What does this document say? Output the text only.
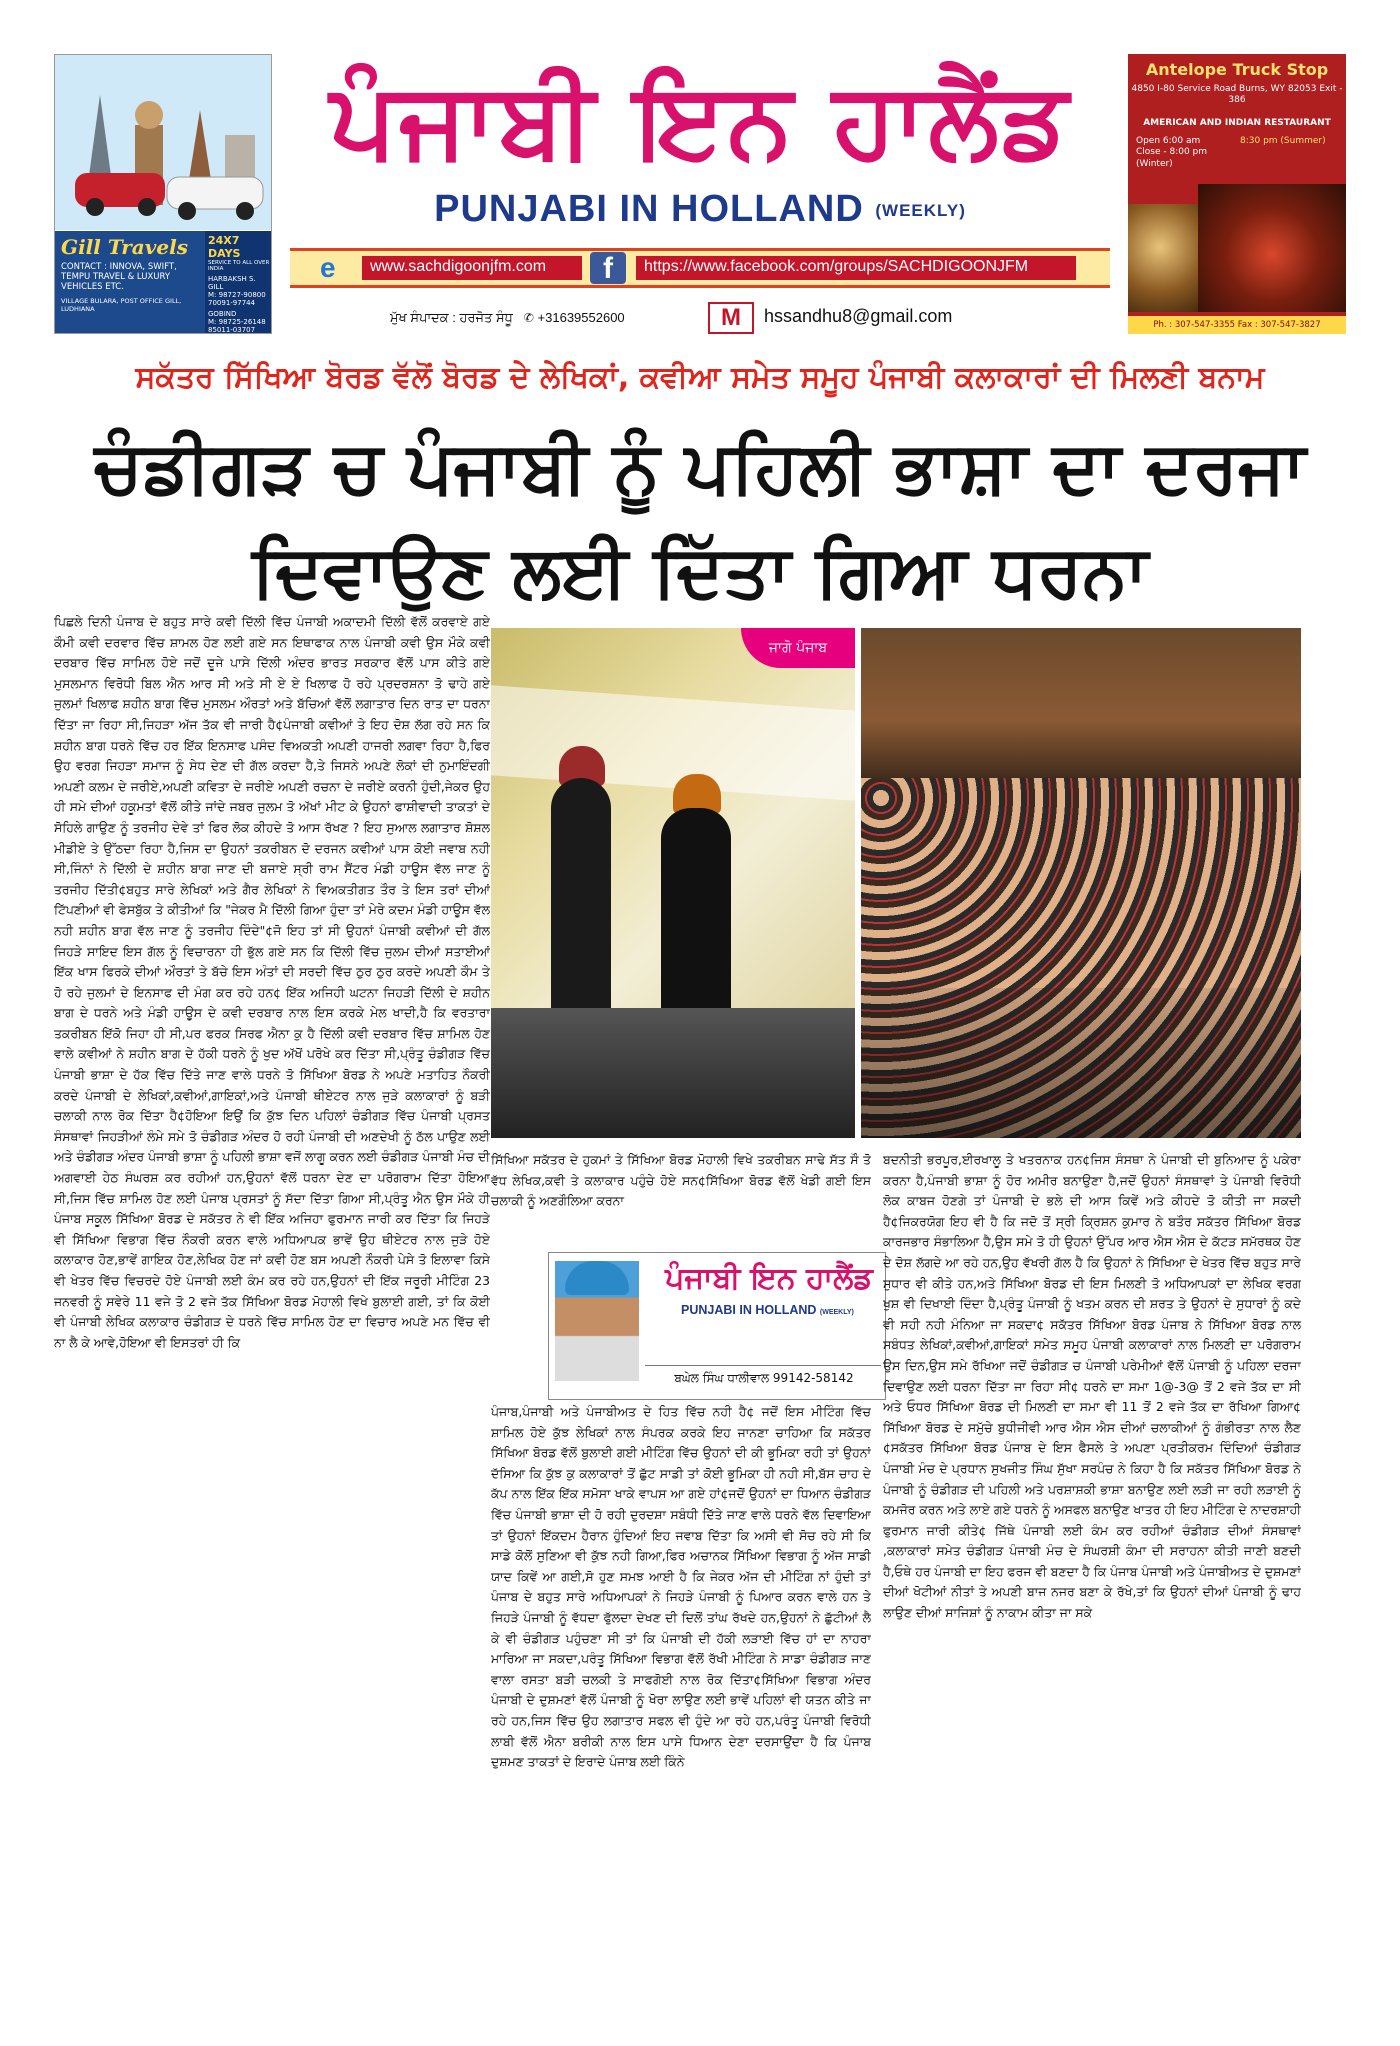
Gill Travels
CONTACT : INNOVA, SWIFT, TEMPU TRAVEL & LUXURY VEHICLES ETC.
VILLAGE BULARA, POST OFFICE GILL, LUDHIANA
24X7 DAYS
SERVICE TO ALL OVER INDIA
HARBAKSH S. GILL
M: 98727-90800
70091-97744
GOBIND
M: 98725-26148
85011-03707
ਪੰਜਾਬੀ ਇਨ ਹਾਲੈਂਡ
PUNJABI IN HOLLAND (WEEKLY)
e	www.sachdigoonjfm.com	f	https://www.facebook.com/groups/SACHDIGOONJFM
ਮੁੱਖ ਸੰਪਾਦਕ : ਹਰਜੋਤ ਸੰਧੂ ✆ +31639552600	M	hssandhu8@gmail.com
Antelope Truck Stop
4850 I-80 Service Road Burns, WY 82053 Exit - 386
AMERICAN AND INDIAN RESTAURANT
Open 6:00 am
Close - 8:00 pm
(Winter)
8:30 pm (Summer)
Ph. : 307-547-3355 Fax : 307-547-3827
ਸਕੱਤਰ ਸਿੱਖਿਆ ਬੋਰਡ ਵੱਲੋਂ ਬੋਰਡ ਦੇ ਲੇਖਿਕਾਂ, ਕਵੀਆ ਸਮੇਤ ਸਮੂਹ ਪੰਜਾਬੀ ਕਲਾਕਾਰਾਂ ਦੀ ਮਿਲਣੀ ਬਨਾਮ
ਚੰਡੀਗੜ ਚ ਪੰਜਾਬੀ ਨੂੰ ਪਹਿਲੀ ਭਾਸ਼ਾ ਦਾ ਦਰਜਾ
ਦਿਵਾਉਣ ਲਈ ਦਿੱਤਾ ਗਿਆ ਧਰਨਾ
ਪਿਛਲੇ ਦਿਨੀ ਪੰਜਾਬ ਦੇ ਬਹੁਤ ਸਾਰੇ ਕਵੀ ਦਿੱਲੀ ਵਿੱਚ ਪੰਜਾਬੀ ਅਕਾਦਮੀ ਦਿੱਲੀ ਵੱਲੋਂ ਕਰਵਾਏ ਗਏ ਕੌਮੀ ਕਵੀ ਦਰਵਾਰ ਵਿੱਚ ਸ਼ਾਮਲ ਹੋਣ ਲਈ ਗਏ ਸਨ ਇਥਾਫਾਕ ਨਾਲ ਪੰਜਾਬੀ ਕਵੀ ਉਸ ਮੌਕੇ ਕਵੀ ਦਰਬਾਰ ਵਿੱਚ ਸਾਮਿਲ ਹੋਏ ਜਦੋਂ ਦੂਜੇ ਪਾਸੇ ਦਿੱਲੀ ਅੰਦਰ ਭਾਰਤ ਸਰਕਾਰ ਵੱਲੋਂ ਪਾਸ ਕੀਤੇ ਗਏ ਮੁਸਲਮਾਨ ਵਿਰੋਧੀ ਬਿਲ ਐਨ ਆਰ ਸੀ ਅਤੇ ਸੀ ਏ ਏ ਖਿਲਾਫ ਹੋ ਰਹੇ ਪ੍ਰਦਰਸ਼ਨਾ ਤੋ ਢਾਹੇ ਗਏ ਜੁਲਮਾਂ ਖਿਲਾਫ ਸ਼ਹੀਨ ਬਾਗ ਵਿੱਚ ਮੁਸਲਮ ਔਰਤਾਂ ਅਤੇ ਬੱਚਿਆਂ ਵੱਲੋਂ ਲਗਾਤਾਰ ਦਿਨ ਰਾਤ ਦਾ ਧਰਨਾ ਦਿੱਤਾ ਜਾ ਰਿਹਾ ਸੀ,ਜਿਹੜਾ ਅੱਜ ਤੱਕ ਵੀ ਜਾਰੀ ਹੈ¢ਪੰਜਾਬੀ ਕਵੀਆਂ ਤੇ ਇਹ ਦੋਸ਼ ਲੱਗ ਰਹੇ ਸਨ ਕਿ ਸ਼ਹੀਨ ਬਾਗ ਧਰਨੇ ਵਿੱਚ ਹਰ ਇੱਕ ਇਨਸਾਫ ਪਸੰਦ ਵਿਅਕਤੀ ਅਪਣੀ ਹਾਜਰੀ ਲਗਵਾ ਰਿਹਾ ਹੈ,ਫਿਰ ਉਹ ਵਰਗ ਜਿਹੜਾ ਸਮਾਜ ਨੂੰ ਸੇਧ ਦੇਣ ਦੀ ਗੱਲ ਕਰਦਾ ਹੈ,ਤੇ ਜਿਸਨੇ ਅਪਣੇ ਲੋਕਾਂ ਦੀ ਨੁਮਾਇੰਦਗੀ ਅਪਣੀ ਕਲਮ ਦੇ ਜਰੀਏ,ਅਪਣੀ ਕਵਿਤਾ ਦੇ ਜਰੀਏ ਅਪਣੀ ਰਚਨਾ ਦੇ ਜਰੀਏ ਕਰਨੀ ਹੁੰਦੀ,ਜੇਕਰ ਉਹ ਹੀ ਸਮੇ ਦੀਆਂ ਹਕੂਮਤਾਂ ਵੱਲੋਂ ਕੀਤੇ ਜਾਂਦੇ ਜਬਰ ਜੁਲਮ ਤੋ ਅੱਖਾਂ ਮੀਟ ਕੇ ਉਹਨਾਂ ਫਾਸ਼ੀਵਾਦੀ ਤਾਕਤਾਂ ਦੇ ਸੋਹਿਲੇ ਗਾਉਣ ਨੂੰ ਤਰਜੀਹ ਦੇਵੇ ਤਾਂ ਫਿਰ ਲੋਕ ਕੀਹਦੇ ਤੋ ਆਸ ਰੱਖਣ ? ਇਹ ਸੁਆਲ ਲਗਾਤਾਰ ਸ਼ੋਸ਼ਲ ਮੀਡੀਏ ਤੇ ਉੱਠਦਾ ਰਿਹਾ ਹੈ,ਜਿਸ ਦਾ ਉਹਨਾਂ ਤਕਰੀਬਨ ਦੋ ਦਰਜਨ ਕਵੀਆਂ ਪਾਸ ਕੋਈ ਜਵਾਬ ਨਹੀ ਸੀ,ਜਿੰਨਾਂ ਨੇ ਦਿੱਲੀ ਦੇ ਸ਼ਹੀਨ ਬਾਗ ਜਾਣ ਦੀ ਬਜਾਏ ਸ੍ਰੀ ਰਾਮ ਸੈਂਟਰ ਮੰਡੀ ਹਾਊਸ ਵੱਲ ਜਾਣ ਨੂੰ ਤਰਜੀਹ ਦਿੱਤੀ¢ਬਹੁਤ ਸਾਰੇ ਲੇਖਿਕਾਂ ਅਤੇ ਗੈਰ ਲੇਖਿਕਾਂ ਨੇ ਵਿਅਕਤੀਗਤ ਤੌਰ ਤੇ ਇਸ ਤਰਾਂ ਦੀਆਂ ਟਿੱਪਣੀਆਂ ਵੀ ਫੇਸਬੁੱਕ ਤੇ ਕੀਤੀਆਂ ਕਿ "ਜੇਕਰ ਮੈ ਦਿੱਲੀ ਗਿਆ ਹੁੰਦਾ ਤਾਂ ਮੇਰੇ ਕਦਮ ਮੰਡੀ ਹਾਊਸ ਵੱਲ ਨਹੀ ਸ਼ਹੀਨ ਬਾਗ ਵੱਲ ਜਾਣ ਨੂੰ ਤਰਜੀਹ ਦਿੰਦੇ"¢ਜੋ ਇਹ ਤਾਂ ਸੀ ਉਹਨਾਂ ਪੰਜਾਬੀ ਕਵੀਆਂ ਦੀ ਗੱਲ ਜਿਹੜੇ ਸਾਇਦ ਇਸ ਗੱਲ ਨੂੰ ਵਿਚਾਰਨਾ ਹੀ ਭੁੱਲ ਗਏ ਸਨ ਕਿ ਦਿੱਲੀ ਵਿੱਚ ਜੁਲਮ ਦੀਆਂ ਸਤਾਈਆਂ ਇੱਕ ਖਾਸ ਫਿਰਕੇ ਦੀਆਂ ਔਰਤਾਂ ਤੇ ਬੱਚੇ ਇਸ ਅੰਤਾਂ ਦੀ ਸਰਦੀ ਵਿੱਚ ਠੁਰ ਠੁਰ ਕਰਦੇ ਅਪਣੀ ਕੌਮ ਤੇ ਹੋ ਰਹੇ ਜੁਲਮਾਂ ਦੇ ਇਨਸਾਫ ਦੀ ਮੰਗ ਕਰ ਰਹੇ ਹਨ¢ ਇੱਕ ਅਜਿਹੀ ਘਟਨਾ ਜਿਹੜੀ ਦਿੱਲੀ ਦੇ ਸ਼ਹੀਨ ਬਾਗ ਦੇ ਧਰਨੇ ਅਤੇ ਮੰਡੀ ਹਾਊਸ ਦੇ ਕਵੀ ਦਰਬਾਰ ਨਾਲ ਇਸ ਕਰਕੇ ਮੇਲ ਖਾਦੀ,ਹੈ ਕਿ ਵਰਤਾਰਾ ਤਕਰੀਬਨ ਇੱਕੋ ਜਿਹਾ ਹੀ ਸੀ,ਪਰ ਫਰਕ ਸਿਰਫ ਐਨਾ ਕੁ ਹੈ ਦਿੱਲੀ ਕਵੀ ਦਰਬਾਰ ਵਿੱਚ ਸ਼ਾਮਿਲ ਹੋਣ ਵਾਲੇ ਕਵੀਆਂ ਨੇ ਸ਼ਹੀਨ ਬਾਗ ਦੇ ਹੱਕੀ ਧਰਨੇ ਨੂੰ ਖੁਦ ਅੱਖੋਂ ਪਰੋਖੇ ਕਰ ਦਿੱਤਾ ਸੀ,ਪ੍ਰੰਤੂ ਚੰਡੀਗੜ ਵਿੱਚ ਪੰਜਾਬੀ ਭਾਸ਼ਾ ਦੇ ਹੱਕ ਵਿੱਚ ਦਿੱਤੇ ਜਾਣ ਵਾਲੇ ਧਰਨੇ ਤੋ ਸਿੱਖਿਆ ਬੋਰਡ ਨੇ ਅਪਣੇ ਮਤਾਹਿਤ ਨੌਕਰੀ ਕਰਦੇ ਪੰਜਾਬੀ ਦੇ ਲੇਖਿਕਾਂ,ਕਵੀਆਂ,ਗਾਇਕਾਂ,ਅਤੇ ਪੰਜਾਬੀ ਥੀਏਟਰ ਨਾਲ ਜੁੜੇ ਕਲਾਕਾਰਾਂ ਨੂੰ ਬੜੀ ਚਲਾਕੀ ਨਾਲ ਰੋਕ ਦਿੱਤਾ ਹੈ¢ਹੋਇਆ ਇਉਂ ਕਿ ਕੁੱਝ ਦਿਨ ਪਹਿਲਾਂ ਚੰਡੀਗੜ ਵਿੱਚ ਪੰਜਾਬੀ ਪ੍ਰਸਤ ਸੰਸਥਾਵਾਂ ਜਿਹੜੀਆਂ ਲੰਮੇ ਸਮੇ ਤੋ ਚੰਡੀਗੜ ਅੰਦਰ ਹੋ ਰਹੀ ਪੰਜਾਬੀ ਦੀ ਅਣਦੇਖੀ ਨੂੰ ਠੱਲ ਪਾਉਣ ਲਈ ਅਤੇ ਚੰਡੀਗੜ ਅੰਦਰ ਪੰਜਾਬੀ ਭਾਸ਼ਾ ਨੂੰ ਪਹਿਲੀ ਭਾਸ਼ਾ ਵਜੋਂ ਲਾਗੂ ਕਰਨ ਲਈ ਚੰਡੀਗੜ ਪੰਜਾਬੀ ਮੰਚ ਦੀ ਅਗਵਾਈ ਹੇਠ ਸੰਘਰਸ਼ ਕਰ ਰਹੀਆਂ ਹਨ,ਉਹਨਾਂ ਵੱਲੋਂ ਧਰਨਾ ਦੇਣ ਦਾ ਪਰੋਗਰਾਮ ਦਿੱਤਾ ਹੋਇਆ ਸੀ,ਜਿਸ ਵਿੱਚ ਸ਼ਾਮਿਲ ਹੋਣ ਲਈ ਪੰਜਾਬ ਪ੍ਰਸਤਾਂ ਨੂੰ ਸੱਦਾ ਦਿੱਤਾ ਗਿਆ ਸੀ,ਪ੍ਰੰਤੂ ਐਨ ਉਸ ਮੌਕੇ ਹੀ ਪੰਜਾਬ ਸਕੂਲ ਸਿੱਖਿਆ ਬੋਰਡ ਦੇ ਸਕੱਤਰ ਨੇ ਵੀ ਇੱਕ ਅਜਿਹਾ ਫੁਰਮਾਨ ਜਾਰੀ ਕਰ ਦਿੱਤਾ ਕਿ ਜਿਹੜੇ ਵੀ ਸਿੱਖਿਆ ਵਿਭਾਗ ਵਿੱਚ ਨੌਕਰੀ ਕਰਨ ਵਾਲੇ ਅਧਿਆਪਕ ਭਾਵੇਂ ਉਹ ਥੀਏਟਰ ਨਾਲ ਜੁੜੇ ਹੋਏ ਕਲਾਕਾਰ ਹੋਣ,ਭਾਵੇਂ ਗਾਇਕ ਹੋਣ,ਲੇਖਿਕ ਹੋਣ ਜਾਂ ਕਵੀ ਹੋਣ ਬਸ ਅਪਣੀ ਨੌਕਰੀ ਪੇਸੇ ਤੋ ਇਲਾਵਾ ਕਿਸੇ ਵੀ ਖੇਤਰ ਵਿੱਚ ਵਿਚਰਦੇ ਹੋਏ ਪੰਜਾਬੀ ਲਈ ਕੰਮ ਕਰ ਰਹੇ ਹਨ,ਉਹਨਾਂ ਦੀ ਇੱਕ ਜਰੂਰੀ ਮੀਟਿੰਗ 23 ਜਨਵਰੀ ਨੂੰ ਸਵੇਰੇ 11 ਵਜੇ ਤੋ 2 ਵਜੇ ਤੱਕ ਸਿੱਖਿਆ ਬੋਰਡ ਮੋਹਾਲੀ ਵਿਖੇ ਬੁਲਾਈ ਗਈ, ਤਾਂ ਕਿ ਕੋਈ ਵੀ ਪੰਜਾਬੀ ਲੇਖਿਕ ਕਲਾਕਾਰ ਚੰਡੀਗੜ ਦੇ ਧਰਨੇ ਵਿੱਚ ਸਾਮਿਲ ਹੋਣ ਦਾ ਵਿਚਾਰ ਅਪਣੇ ਮਨ ਵਿੱਚ ਵੀ ਨਾ ਲੈ ਕੇ ਆਵੇ,ਹੋਇਆ ਵੀ ਇਸਤਰਾਂ ਹੀ ਕਿ
ਜਾਗੋ ਪੰਜਾਬ
ਸਿੱਖਿਆ ਸਕੱਤਰ ਦੇ ਹੁਕਮਾਂ ਤੇ ਸਿੱਖਿਆ ਬੋਰਡ ਮੋਹਾਲੀ ਵਿਖੇ ਤਕਰੀਬਨ ਸਾਢੇ ਸੱਤ ਸੌ ਤੋ ਵੱਧ ਲੇਖਿਕ,ਕਵੀ ਤੇ ਕਲਾਕਾਰ ਪਹੁੰਚੇ ਹੋਏ ਸਨ¢ਸਿੱਖਿਆ ਬੋਰਡ ਵੱਲੋਂ ਖੇਡੀ ਗਈ ਇਸ ਚਲਾਕੀ ਨੂੰ ਅਣਗੌਲਿਆ ਕਰਨਾ
ਪੰਜਾਬੀ ਇਨ ਹਾਲੈਂਡ
PUNJABI IN HOLLAND (WEEKLY)
ਬਘੇਲ ਸਿੰਘ ਧਾਲੀਵਾਲ 99142-58142
ਪੰਜਾਬ,ਪੰਜਾਬੀ ਅਤੇ ਪੰਜਾਬੀਅਤ ਦੇ ਹਿਤ ਵਿੱਚ ਨਹੀ ਹੈ¢ ਜਦੋਂ ਇਸ ਮੀਟਿੰਗ ਵਿੱਚ ਸ਼ਾਮਿਲ ਹੋਏ ਕੁੱਝ ਲੇਖਿਕਾਂ ਨਾਲ ਸੰਪਰਕ ਕਰਕੇ ਇਹ ਜਾਨਣਾ ਚਾਹਿਆ ਕਿ ਸਕੱਤਰ ਸਿੱਖਿਆ ਬੋਰਡ ਵੱਲੋਂ ਬੁਲਾਈ ਗਈ ਮੀਟਿੰਗ ਵਿੱਚ ਉਹਨਾਂ ਦੀ ਕੀ ਭੂਮਿਕਾ ਰਹੀ ਤਾਂ ਉਹਨਾਂ ਦੱਸਿਆ ਕਿ ਕੁੱਝ ਕੁ ਕਲਾਕਾਰਾਂ ਤੋਂ ਛੁੱਟ ਸਾਡੀ ਤਾਂ ਕੋਈ ਭੂਮਿਕਾ ਹੀ ਨਹੀ ਸੀ,ਬੱਸ ਚਾਹ ਦੇ ਕੱਪ ਨਾਲ ਇੱਕ ਇੱਕ ਸਮੋਸਾ ਖਾਕੇ ਵਾਪਸ ਆ ਗਏ ਹਾਂ¢ਜਦੋਂ ਉਹਨਾਂ ਦਾ ਧਿਆਨ ਚੰਡੀਗੜ ਵਿੱਚ ਪੰਜਾਬੀ ਭਾਸ਼ਾ ਦੀ ਹੋ ਰਹੀ ਦੁਰਦਸ਼ਾ ਸਬੰਧੀ ਦਿੱਤੇ ਜਾਣ ਵਾਲੇ ਧਰਨੇ ਵੱਲ ਦਿਵਾਇਆ ਤਾਂ ਉਹਨਾਂ ਇੱਕਦਮ ਹੈਰਾਨ ਹੁੰਦਿਆਂ ਇਹ ਜਵਾਬ ਦਿੱਤਾ ਕਿ ਅਸੀ ਵੀ ਸੋਚ ਰਹੇ ਸੀ ਕਿ ਸਾਡੇ ਕੋਲੋਂ ਸੁਣਿਆ ਵੀ ਕੁੱਝ ਨਹੀ ਗਿਆ,ਫਿਰ ਅਚਾਨਕ ਸਿੱਖਿਆ ਵਿਭਾਗ ਨੂੰ ਅੱਜ ਸਾਡੀ ਯਾਦ ਕਿਵੇਂ ਆ ਗਈ,ਸੋ ਹੁਣ ਸਮਝ ਆਈ ਹੈ ਕਿ ਜੇਕਰ ਅੱਜ ਦੀ ਮੀਟਿੰਗ ਨਾਂ ਹੁੰਦੀ ਤਾਂ ਪੰਜਾਬ ਦੇ ਬਹੁਤ ਸਾਰੇ ਅਧਿਆਪਕਾਂ ਨੇ ਜਿਹੜੇ ਪੰਜਾਬੀ ਨੂੰ ਪਿਆਰ ਕਰਨ ਵਾਲੇ ਹਨ ਤੇ ਜਿਹੜੇ ਪੰਜਾਬੀ ਨੂੰ ਵੱਧਦਾ ਫੁੱਲਦਾ ਦੇਖਣ ਦੀ ਦਿਲੋਂ ਤਾਂਘ ਰੱਖਦੇ ਹਨ,ਉਹਨਾਂ ਨੇ ਛੁੱਟੀਆਂ ਲੈ ਕੇ ਵੀ ਚੰਡੀਗੜ ਪਹੁੰਚਣਾ ਸੀ ਤਾਂ ਕਿ ਪੰਜਾਬੀ ਦੀ ਹੱਕੀ ਲੜਾਈ ਵਿੱਚ ਹਾਂ ਦਾ ਨਾਹਰਾ ਮਾਰਿਆ ਜਾ ਸਕਦਾ,ਪਰੰਤੂ ਸਿੱਖਿਆ ਵਿਭਾਗ ਵੱਲੋਂ ਰੱਖੀ ਮੀਟਿੰਗ ਨੇ ਸਾਡਾ ਚੰਡੀਗੜ ਜਾਣ ਵਾਲਾ ਰਸਤਾ ਬੜੀ ਚਲਕੀ ਤੇ ਸਾਫਗੋਈ ਨਾਲ ਰੋਕ ਦਿੱਤਾ¢ਸਿੱਖਿਆ ਵਿਭਾਗ ਅੰਦਰ ਪੰਜਾਬੀ ਦੇ ਦੁਸ਼ਮਣਾਂ ਵੱਲੋਂ ਪੰਜਾਬੀ ਨੂੰ ਖੋਰਾ ਲਾਉਣ ਲਈ ਭਾਵੇਂ ਪਹਿਲਾਂ ਵੀ ਯਤਨ ਕੀਤੇ ਜਾ ਰਹੇ ਹਨ,ਜਿਸ ਵਿੱਚ ਉਹ ਲਗਾਤਾਰ ਸਫਲ ਵੀ ਹੁੰਦੇ ਆ ਰਹੇ ਹਨ,ਪਰੰਤੂ ਪੰਜਾਬੀ ਵਿਰੋਧੀ ਲਾਬੀ ਵੱਲੋਂ ਐਨਾ ਬਰੀਕੀ ਨਾਲ ਇਸ ਪਾਸੇ ਧਿਆਨ ਦੇਣਾ ਦਰਸਾਉਂਦਾ ਹੈ ਕਿ ਪੰਜਾਬ ਦੁਸ਼ਮਣ ਤਾਕਤਾਂ ਦੇ ਇਰਾਦੇ ਪੰਜਾਬ ਲਈ ਕਿੰਨੇ
ਬਦਨੀਤੀ ਭਰਪੂਰ,ਈਰਖਾਲੂ ਤੇ ਖਤਰਨਾਕ ਹਨ¢ਜਿਸ ਸੰਸਥਾ ਨੇ ਪੰਜਾਬੀ ਦੀ ਬੁਨਿਆਦ ਨੂੰ ਪਕੇਰਾ ਕਰਨਾ ਹੈ,ਪੰਜਾਬੀ ਭਾਸ਼ਾ ਨੂੰ ਹੋਰ ਅਮੀਰ ਬਨਾਉਣਾ ਹੈ,ਜਦੋਂ ਉਹਨਾਂ ਸੰਸਥਾਵਾਂ ਤੇ ਪੰਜਾਬੀ ਵਿਰੋਧੀ ਲੋਕ ਕਾਬਜ ਹੋਣਗੇ ਤਾਂ ਪੰਜਾਬੀ ਦੇ ਭਲੇ ਦੀ ਆਸ ਕਿਵੇਂ ਅਤੇ ਕੀਹਦੇ ਤੋ ਕੀਤੀ ਜਾ ਸਕਦੀ ਹੈ¢ਜਿਕਰਯੋਗ ਇਹ ਵੀ ਹੈ ਕਿ ਜਦੋ ਤੋਂ ਸ੍ਰੀ ਕ੍ਰਿਸ਼ਨ ਕੁਮਾਰ ਨੇ ਬਤੌਰ ਸਕੱਤਰ ਸਿੱਖਿਆ ਬੋਰਡ ਕਾਰਜਭਾਰ ਸੰਭਾਲਿਆ ਹੈ,ਉਸ ਸਮੇ ਤੋ ਹੀ ਉਹਨਾਂ ਉੱਪਰ ਆਰ ਐਸ ਐਸ ਦੇ ਕੱਟੜ ਸਮੱਰਥਕ ਹੋਣ ਦੇ ਦੋਸ਼ ਲੱਗਦੇ ਆ ਰਹੇ ਹਨ,ਉਹ ਵੱਖਰੀ ਗੱਲ ਹੈ ਕਿ ਉਹਨਾਂ ਨੇ ਸਿੱਖਿਆ ਦੇ ਖੇਤਰ ਵਿੱਚ ਬਹੁਤ ਸਾਰੇ ਸੁਧਾਰ ਵੀ ਕੀਤੇ ਹਨ,ਅਤੇ ਸਿੱਖਿਆ ਬੋਰਡ ਦੀ ਇਸ ਮਿਲਣੀ ਤੋ ਅਧਿਆਪਕਾਂ ਦਾ ਲੇਖਿਕ ਵਰਗ ਖੁਸ਼ ਵੀ ਦਿਖਾਈ ਦਿੰਦਾ ਹੈ,ਪ੍ਰੰਤੂ ਪੰਜਾਬੀ ਨੂੰ ਖਤਮ ਕਰਨ ਦੀ ਸ਼ਰਤ ਤੇ ਉਹਨਾਂ ਦੇ ਸੁਧਾਰਾਂ ਨੂੰ ਕਦੇ ਵੀ ਸਹੀ ਨਹੀ ਮੰਨਿਆ ਜਾ ਸਕਦਾ¢ ਸਕੱਤਰ ਸਿੱਖਿਆ ਬੋਰਡ ਪੰਜਾਬ ਨੇ ਸਿੱਖਿਆ ਬੋਰਡ ਨਾਲ ਸਬੰਧਤ ਲੇਖਿਕਾਂ,ਕਵੀਆਂ,ਗਾਇਕਾਂ ਸਮੇਤ ਸਮੂਹ ਪੰਜਾਬੀ ਕਲਾਕਾਰਾਂ ਨਾਲ ਮਿਲਣੀ ਦਾ ਪਰੋਗਰਾਮ ਉਸ ਦਿਨ,ਉਸ ਸਮੇ ਰੱਖਿਆ ਜਦੋਂ ਚੰਡੀਗੜ ਚ ਪੰਜਾਬੀ ਪਰੇਮੀਆਂ ਵੱਲੋਂ ਪੰਜਾਬੀ ਨੂੰ ਪਹਿਲਾ ਦਰਜਾ ਦਿਵਾਉਣ ਲਈ ਧਰਨਾ ਦਿੱਤਾ ਜਾ ਰਿਹਾ ਸੀ¢ ਧਰਨੇ ਦਾ ਸਮਾ 1@-3@ ਤੋਂ 2 ਵਜੇ ਤੱਕ ਦਾ ਸੀ ਅਤੇ ਓਧਰ ਸਿੱਖਿਆ ਬੋਰਡ ਦੀ ਮਿਲਣੀ ਦਾ ਸਮਾ ਵੀ 11 ਤੋਂ 2 ਵਜੇ ਤੱਕ ਦਾ ਰੱਖਿਆ ਗਿਆ¢ ਸਿੱਖਿਆ ਬੋਰਡ ਦੇ ਸਮੁੱਚੇ ਬੁਧੀਜੀਵੀ ਆਰ ਐਸ ਐਸ ਦੀਆਂ ਚਲਾਕੀਆਂ ਨੂੰ ਗੰਭੀਰਤਾ ਨਾਲ ਲੈਣ ¢ਸਕੱਤਰ ਸਿੱਖਿਆ ਬੋਰਡ ਪੰਜਾਬ ਦੇ ਇਸ ਫੈਸਲੇ ਤੇ ਅਪਣਾ ਪ੍ਰਤੀਕਰਮ ਦਿੰਦਿਆਂ ਚੰਡੀਗੜ ਪੰਜਾਬੀ ਮੰਚ ਦੇ ਪ੍ਰਧਾਨ ਸੁਖਜੀਤ ਸਿੰਘ ਸੁੱਖਾ ਸਰਪੰਚ ਨੇ ਕਿਹਾ ਹੈ ਕਿ ਸਕੱਤਰ ਸਿੱਖਿਆ ਬੋਰਡ ਨੇ ਪੰਜਾਬੀ ਨੂੰ ਚੰਡੀਗੜ ਦੀ ਪਹਿਲੀ ਅਤੇ ਪਰਸ਼ਾਸ਼ਕੀ ਭਾਸ਼ਾ ਬਨਾਉਣ ਲਈ ਲੜੀ ਜਾ ਰਹੀ ਲੜਾਈ ਨੂੰ ਕਮਜੋਰ ਕਰਨ ਅਤੇ ਲਾਏ ਗਏ ਧਰਨੇ ਨੂੰ ਅਸਫਲ ਬਨਾਉਣ ਖਾਤਰ ਹੀ ਇਹ ਮੀਟਿੰਗ ਦੇ ਨਾਦਰਸ਼ਾਹੀ ਫੁਰਮਾਨ ਜਾਰੀ ਕੀਤੇ¢ ਜਿੱਥੇ ਪੰਜਾਬੀ ਲਈ ਕੰਮ ਕਰ ਰਹੀਆਂ ਚੰਡੀਗੜ ਦੀਆਂ ਸੰਸਥਾਵਾਂ ,ਕਲਾਕਾਰਾਂ ਸਮੇਤ ਚੰਡੀਗੜ ਪੰਜਾਬੀ ਮੰਚ ਦੇ ਸੰਘਰਸ਼ੀ ਕੰਮਾ ਦੀ ਸਰਾਹਨਾ ਕੀਤੀ ਜਾਣੀ ਬਣਦੀ ਹੈ,ਓਥੇ ਹਰ ਪੰਜਾਬੀ ਦਾ ਇਹ ਫਰਜ ਵੀ ਬਣਦਾ ਹੈ ਕਿ ਪੰਜਾਬ ਪੰਜਾਬੀ ਅਤੇ ਪੰਜਾਬੀਅਤ ਦੇ ਦੁਸ਼ਮਣਾਂ ਦੀਆਂ ਖੋਟੀਆਂ ਨੀਤਾਂ ਤੇ ਅਪਣੀ ਬਾਜ ਨਜਰ ਬਣਾ ਕੇ ਰੱਖੇ,ਤਾਂ ਕਿ ਉਹਨਾਂ ਦੀਆਂ ਪੰਜਾਬੀ ਨੂੰ ਢਾਹ ਲਾਉਣ ਦੀਆਂ ਸਾਜਿਸ਼ਾਂ ਨੂੰ ਨਾਕਾਮ ਕੀਤਾ ਜਾ ਸਕੇ
